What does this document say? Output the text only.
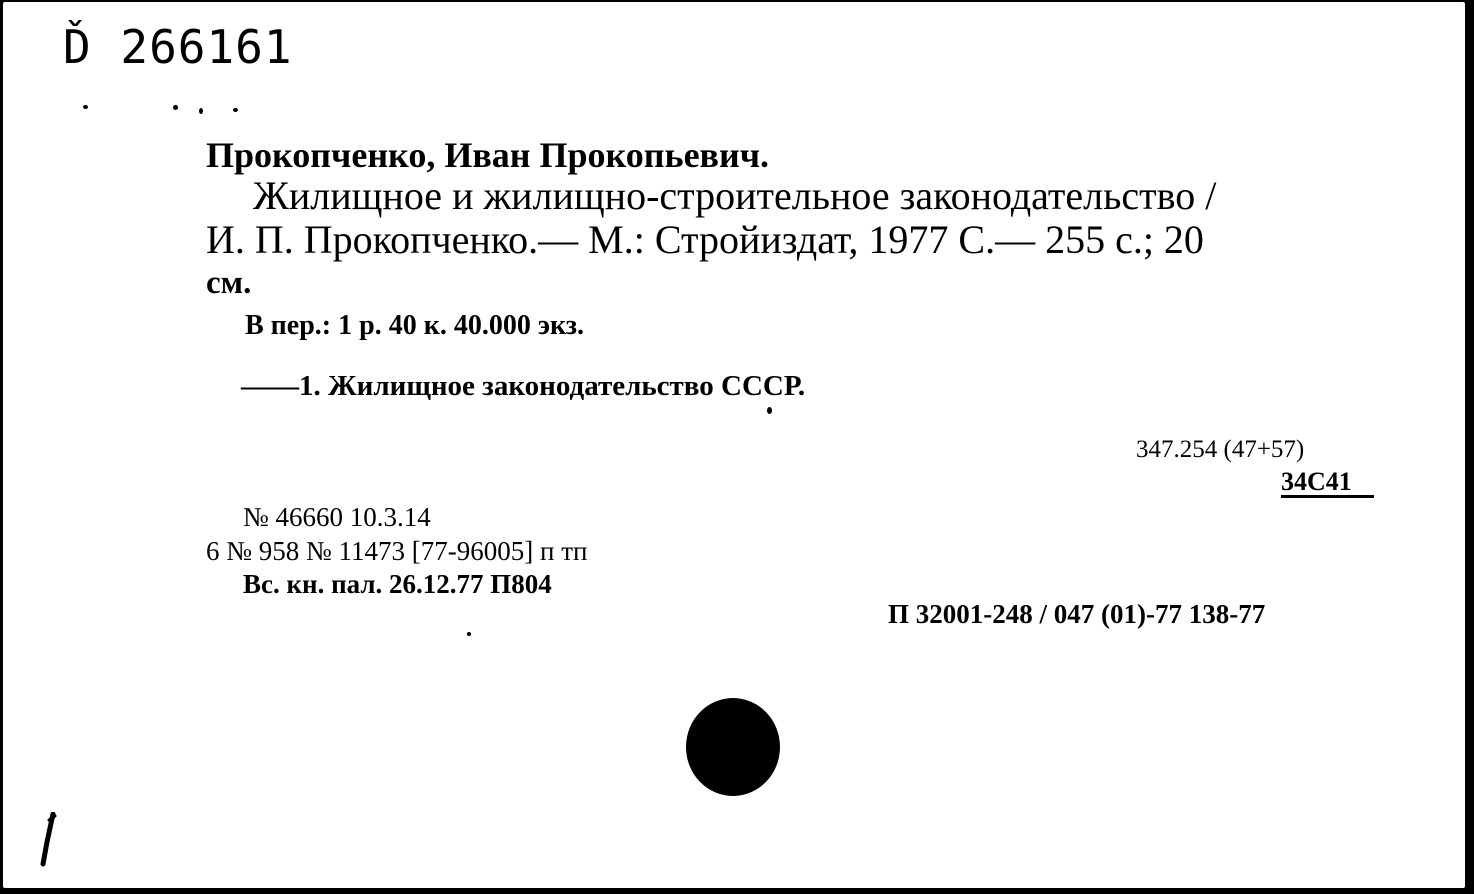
Ď 266161

Прокопченко, Иван Прокопьевич.

Жилищное и жилищно-строительное законодательство /

И. П. Прокопченко.— М.: Стройиздат, 1977 С.— 255 с.; 20

см.

В пер.: 1 р. 40 к. 40.000 экз.

——1. Жилищное законодательство СССР.

347.254 (47+57)

34С41

№ 46660 10.3.14

6 № 958 № 11473 [77-96005] п тп

Вс. кн. пал. 26.12.77 П804

П 32001-248 / 047 (01)-77 138-77
